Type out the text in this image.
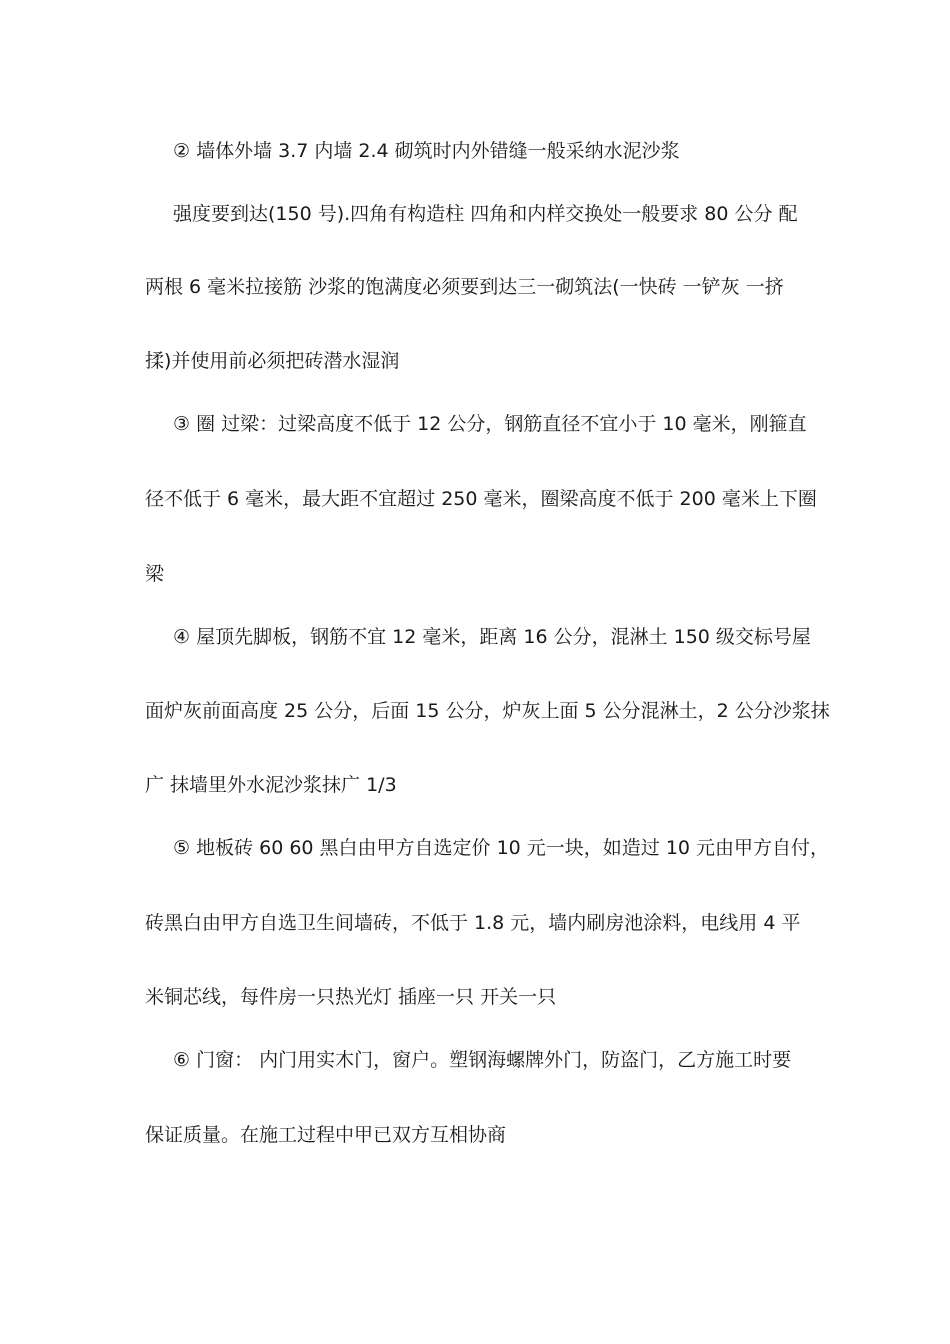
② 墙体外墙 3.7 内墙 2.4 砌筑时内外错缝一般采纳水泥沙浆
强度要到达(150 号).四角有构造柱 四角和内样交换处一般要求 80 公分 配
两根 6 毫米拉接筋 沙浆的饱满度必须要到达三一砌筑法(一快砖 一铲灰 一挤
揉)并使用前必须把砖潜水湿润
③ 圈 过梁：过梁高度不低于 12 公分，钢筋直径不宜小于 10 毫米，刚箍直
径不低于 6 毫米，最大距不宜超过 250 毫米，圈梁高度不低于 200 毫米上下圈
梁
④ 屋顶先脚板，钢筋不宜 12 毫米，距离 16 公分，混淋土 150 级交标号屋
面炉灰前面高度 25 公分，后面 15 公分，炉灰上面 5 公分混淋土，2 公分沙浆抹
广 抹墙里外水泥沙浆抹广 1/3
⑤ 地板砖 60 60 黑白由甲方自选定价 10 元一块，如造过 10 元由甲方自付，
砖黑白由甲方自选卫生间墙砖，不低于 1.8 元，墙内刷房池涂料，电线用 4 平
米铜芯线，每件房一只热光灯 插座一只 开关一只
⑥ 门窗： 内门用实木门，窗户。塑钢海螺牌外门，防盗门，乙方施工时要
保证质量。在施工过程中甲已双方互相协商
